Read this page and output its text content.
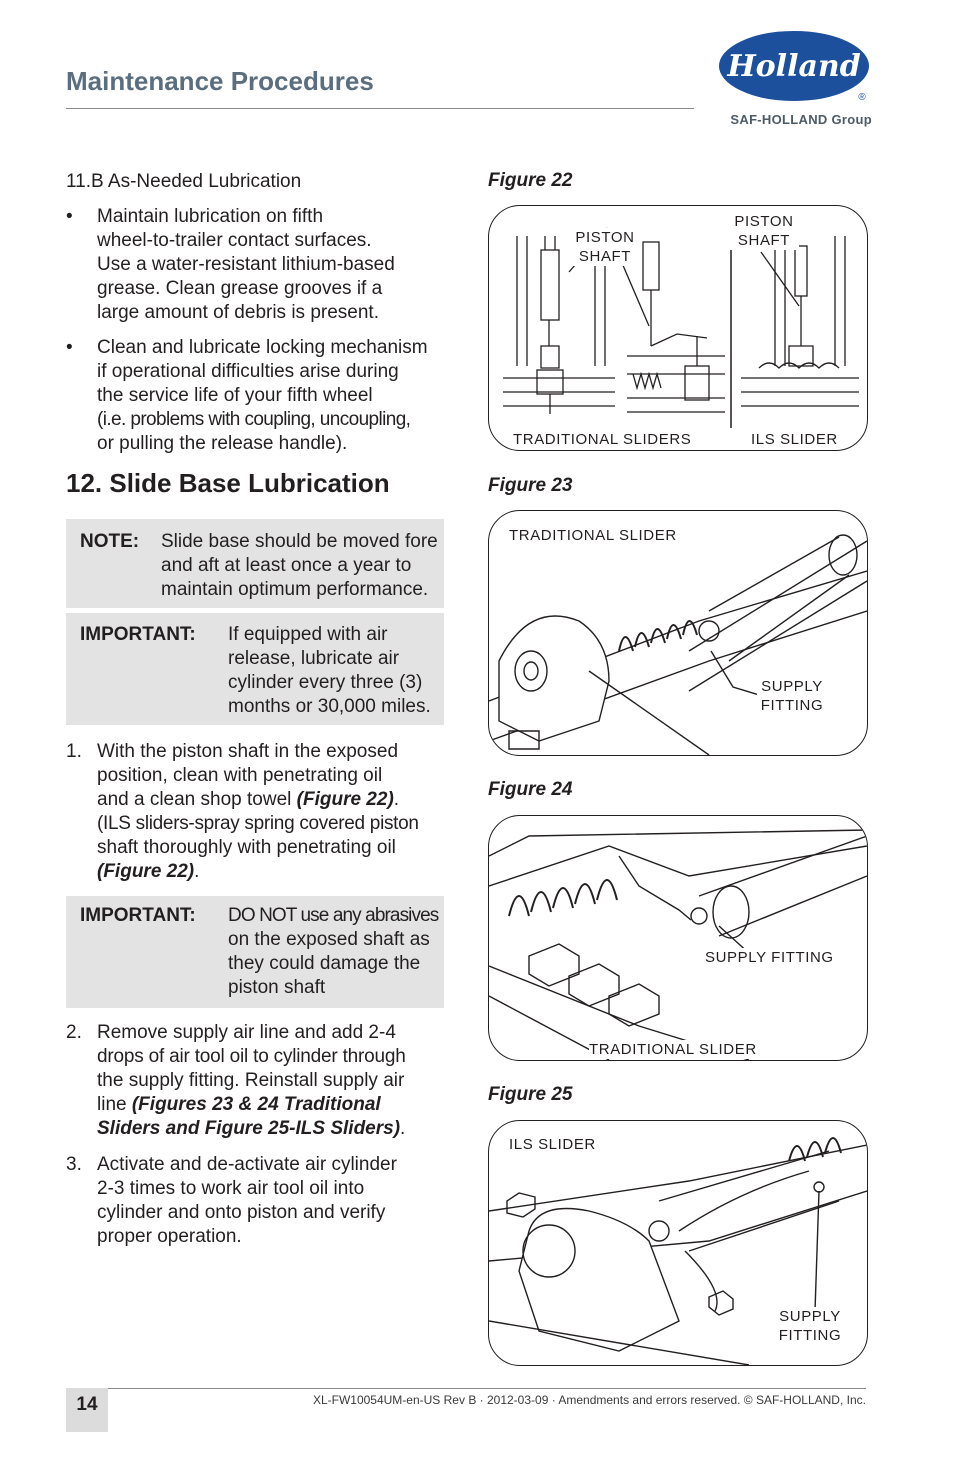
Maintenance Procedures	Holland
®
SAF-HOLLAND Group
11.B As-Needed Lubrication
• Maintain lubrication on fifth
wheel-to-trailer contact surfaces.
Use a water-resistant lithium-based
grease. Clean grease grooves if a
large amount of debris is present.
• Clean and lubricate locking mechanism
if operational difficulties arise during
the service life of your fifth wheel
(i.e. problems with coupling, uncoupling,
or pulling the release handle).
12. Slide Base Lubrication
NOTE: Slide base should be moved fore
and aft at least once a year to
maintain optimum performance.
IMPORTANT: If equipped with air
release, lubricate air
cylinder every three (3)
months or 30,000 miles.
1. With the piston shaft in the exposed
position, clean with penetrating oil
and a clean shop towel (Figure 22).
(ILS sliders-spray spring covered piston
shaft thoroughly with penetrating oil
(Figure 22).
IMPORTANT: DO NOT use any abrasives
on the exposed shaft as
they could damage the
piston shaft
2. Remove supply air line and add 2-4
drops of air tool oil to cylinder through
the supply fitting. Reinstall supply air
line (Figures 23 & 24 Traditional
Sliders and Figure 25-ILS Sliders).
3. Activate and de-activate air cylinder
2-3 times to work air tool oil into
cylinder and onto piston and verify
proper operation.
Figure 22
PISTON
SHAFT
PISTON
SHAFT
TRADITIONAL SLIDERS	ILS SLIDER
Figure 23
TRADITIONAL SLIDER
SUPPLY
FITTING
Figure 24
SUPPLY FITTING
TRADITIONAL SLIDER
Figure 25
ILS SLIDER
SUPPLY
FITTING
14	XL-FW10054UM-en-US Rev B · 2012-03-09 · Amendments and errors reserved. © SAF-HOLLAND, Inc.
